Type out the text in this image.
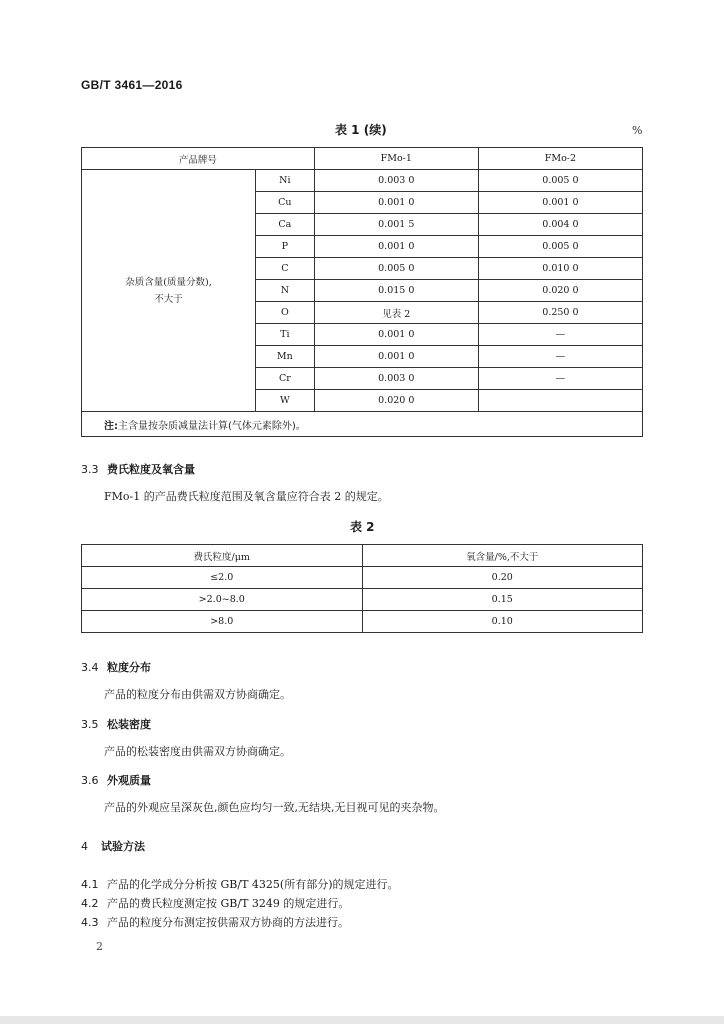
GB/T 3461—2016
表 1 (续)	%
产品牌号		FMo-1	FMo-2
杂质含量(质量分数),
不大于	Ni	0.003 0	0.005 0
	Cu	0.001 0	0.001 0
	Ca	0.001 5	0.004 0
	P	0.001 0	0.005 0
	C	0.005 0	0.010 0
	N	0.015 0	0.020 0
	O	见表 2	0.250 0
	Ti	0.001 0	—
	Mn	0.001 0	—
	Cr	0.003 0	—
	W	0.020 0	
注:主含量按杂质减量法计算(气体元素除外)。			
3.3 费氏粒度及氧含量
FMo-1 的产品费氏粒度范围及氧含量应符合表 2 的规定。
表 2
费氏粒度/μm	氧含量/%,不大于
≤2.0	0.20
>2.0~8.0	0.15
>8.0	0.10
3.4 粒度分布
产品的粒度分布由供需双方协商确定。
3.5 松装密度
产品的松装密度由供需双方协商确定。
3.6 外观质量
产品的外观应呈深灰色,颜色应均匀一致,无结块,无目视可见的夹杂物。
4 试验方法
4.1 产品的化学成分分析按 GB/T 4325(所有部分)的规定进行。
4.2 产品的费氏粒度测定按 GB/T 3249 的规定进行。
4.3 产品的粒度分布测定按供需双方协商的方法进行。
2
